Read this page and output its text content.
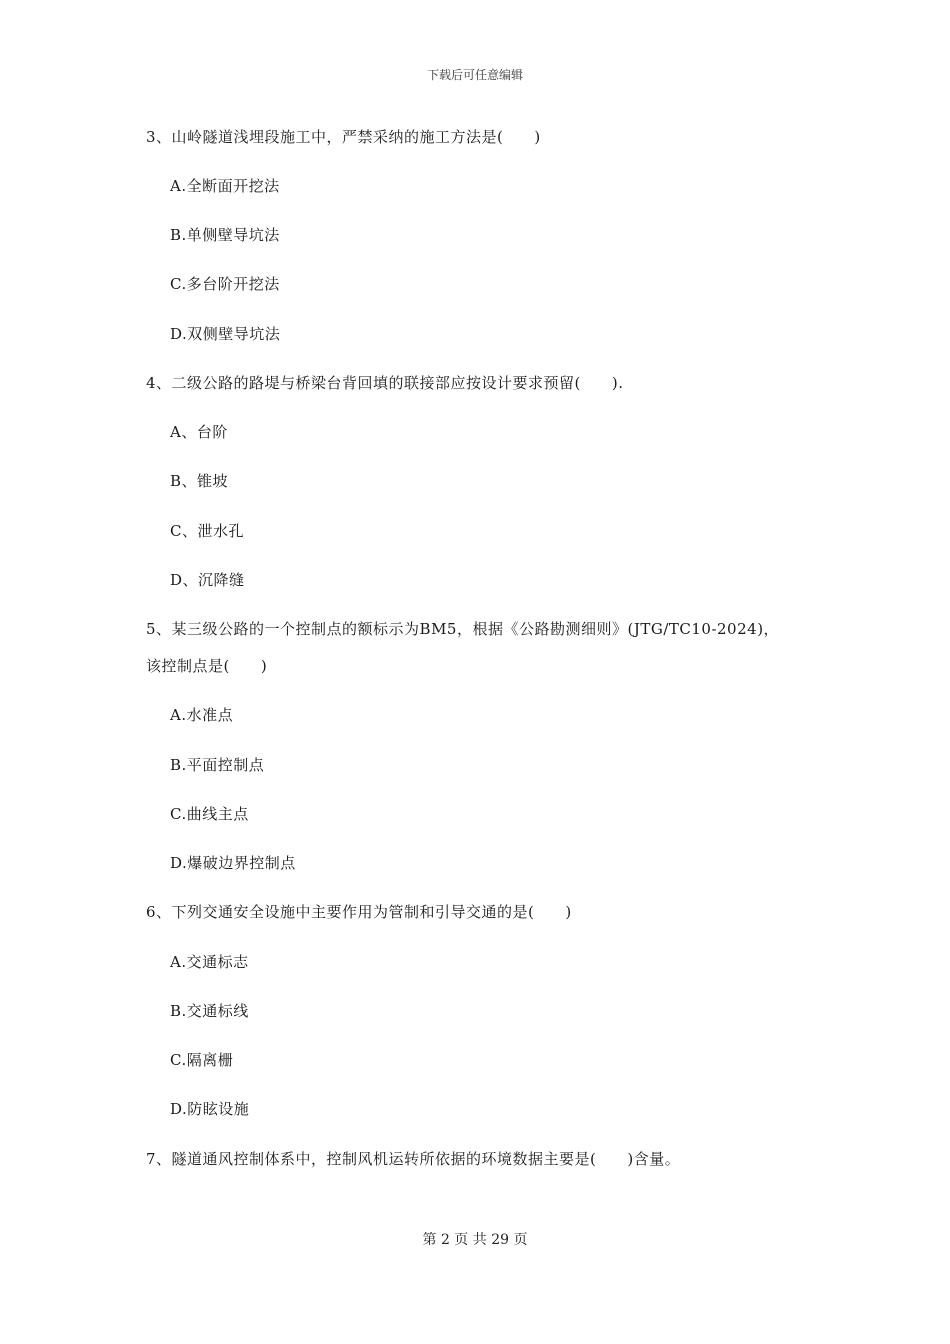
下载后可任意编辑
3、山岭隧道浅埋段施工中，严禁采纳的施工方法是(　　)
A.全断面开挖法
B.单侧壁导坑法
C.多台阶开挖法
D.双侧壁导坑法
4、二级公路的路堤与桥梁台背回填的联接部应按设计要求预留(　　).
A、台阶
B、锥坡
C、泄水孔
D、沉降缝
5、某三级公路的一个控制点的额标示为BM5，根据《公路勘测细则》(JTG/TC10-2024)，
该控制点是(　　)
A.水准点
B.平面控制点
C.曲线主点
D.爆破边界控制点
6、下列交通安全设施中主要作用为管制和引导交通的是(　　)
A.交通标志
B.交通标线
C.隔离栅
D.防眩设施
7、隧道通风控制体系中，控制风机运转所依据的环境数据主要是(　　)含量。
第 2 页 共 29 页
